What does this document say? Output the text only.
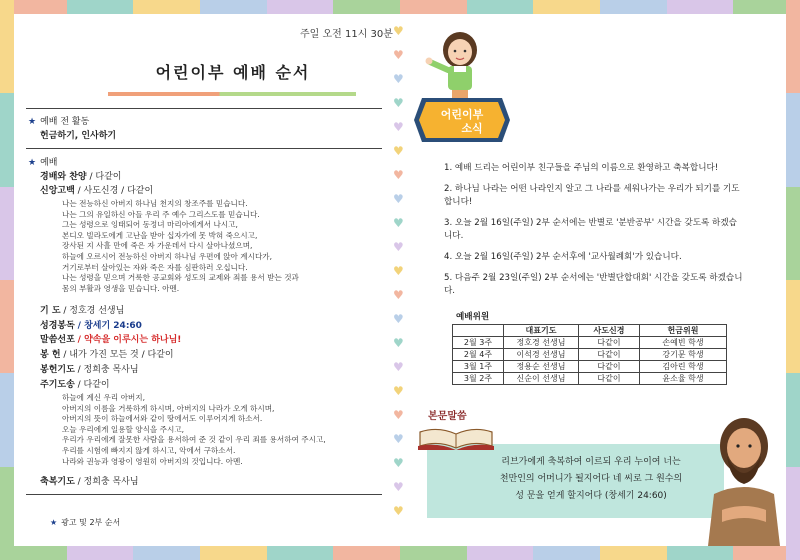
주일 오전 11시 30분
어린이부 예배 순서
★ 예배 전 활동
헌금하기, 인사하기
★ 예배
경배와 찬양 / 다같이
신앙고백 / 사도신경 / 다같이
나는 전능하신 아버지 하나님 천지의 창조주를 믿습니다.
나는 그의 유일하신 아들 우리 주 예수 그리스도를 믿습니다.
그는 성령으로 잉태되어 동정녀 마리아에게서 나시고,
본디오 빌라도에게 고난을 받아 십자가에 못 박혀 죽으시고,
장사된 지 사흘 만에 죽은 자 가운데서 다시 살아나셨으며,
하늘에 오르시어 전능하신 아버지 하나님 우편에 앉아 계시다가,
거기로부터 살아있는 자와 죽은 자를 심판하러 오십니다.
나는 성령을 믿으며 거룩한 공교회와 성도의 교제와 죄를 용서 받는 것과
몸의 부활과 영생을 믿습니다. 아멘.
기 도 / 정호경 선생님
성경봉독 / 창세기 24:60
말씀선포 / 약속을 이루시는 하나님!
봉 헌 / 내가 가진 모든 것 / 다같이
봉헌기도 / 정희충 목사님
주기도송 / 다같이
하늘에 계신 우리 아버지,
아버지의 이름을 거룩하게 하시며, 아버지의 나라가 오게 하시며,
아버지의 뜻이 하늘에서와 같이 땅에서도 이루어지게 하소서.
오늘 우리에게 일용할 양식을 주시고,
우리가 우리에게 잘못한 사람을 용서하여 준 것 같이 우리 죄를 용서하여 주시고,
우리를 시험에 빠지지 않게 하시고, 악에서 구하소서.
나라와 권능과 영광이 영원히 아버지의 것입니다. 아멘.
축복기도 / 정희충 목사님
★ 광고 및 2부 순서
♥
♥
♥
♥
♥
♥
♥
♥
♥
♥
♥
♥
♥
♥
♥
♥
♥
♥
♥
♥
♥
어린이부
소식

1. 예배 드리는 어린이부 친구들을 주님의 이름으로 환영하고 축복합니다!

2. 하나님 나라는 어떤 나라인지 알고 그 나라를 세워나가는 우리가 되기를 기도합니다!

3. 오늘 2월 16일(주일) 2부 순서에는 반별로 '분반공부' 시간을 갖도록 하겠습니다.

4. 오늘 2월 16일(주일) 2부 순서후에 '교사월례회'가 있습니다.

5. 다음주 2월 23일(주일) 2부 순서에는 '반별단합대회' 시간을 갖도록 하겠습니다.

예배위원
	대표기도	사도신경	헌금위원
2월 3주	정호경 선생님	다같이	손예빈 학생
2월 4주	이석경 선생님	다같이	강기문 학생
3월 1주	정용순 선생님	다같이	김아린 학생
3월 2주	신순이 선생님	다같이	윤소율 학생
본문말씀
리브가에게 축복하여 이르되 우리 누이여 너는
천만인의 어머니가 될지어다 네 씨로 그 원수의
성 문을 얻게 할지어다 (창세기 24:60)
